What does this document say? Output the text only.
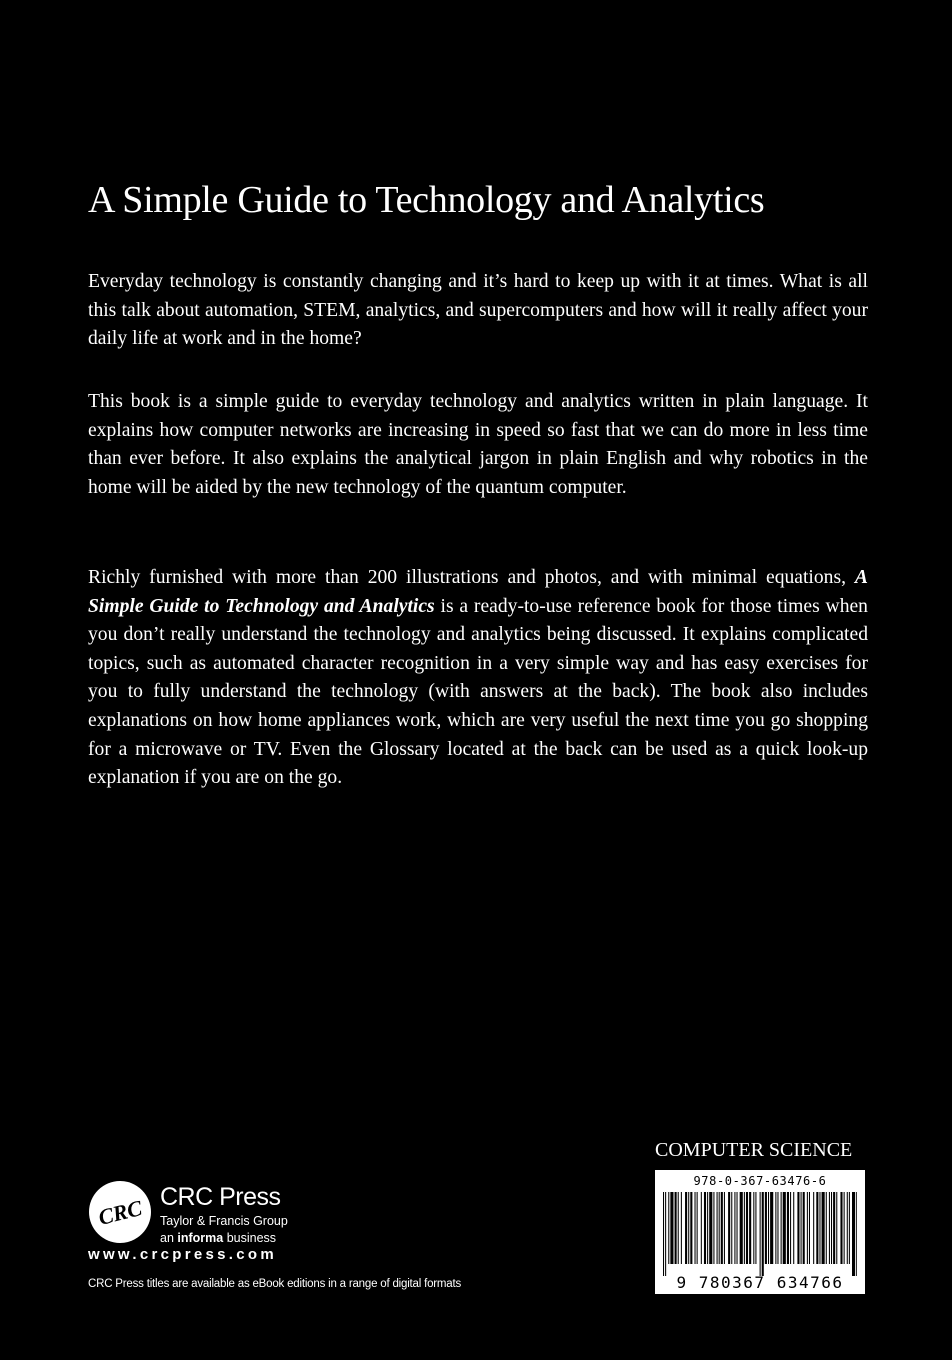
A Simple Guide to Technology and Analytics

Everyday technology is constantly changing and it’s hard to keep up with it at times. What is all this talk about automation, STEM, analytics, and supercomputers and how will it really affect your daily life at work and in the home?

This book is a simple guide to everyday technology and analytics written in plain language. It explains how computer networks are increasing in speed so fast that we can do more in less time than ever before. It also explains the analytical jargon in plain English and why robotics in the home will be aided by the new technology of the quantum computer.

Richly furnished with more than 200 illustrations and photos, and with minimal equations, A Simple Guide to Technology and Analytics is a ready-to-use reference book for those times when you don’t really understand the technology and analytics being discussed. It explains complicated topics, such as automated character recognition in a very simple way and has easy exercises for you to fully understand the technology (with answers at the back). The book also includes explanations on how home appliances work, which are very useful the next time you go shopping for a microwave or TV. Even the Glossary located at the back can be used as a quick look-up explanation if you are on the go.

COMPUTER SCIENCE
978-0-367-63476-6
9 780367 634766
CRC CRC Press
Taylor & Francis Group
an informa business
www.crcpress.com
CRC Press titles are available as eBook editions in a range of digital formats
